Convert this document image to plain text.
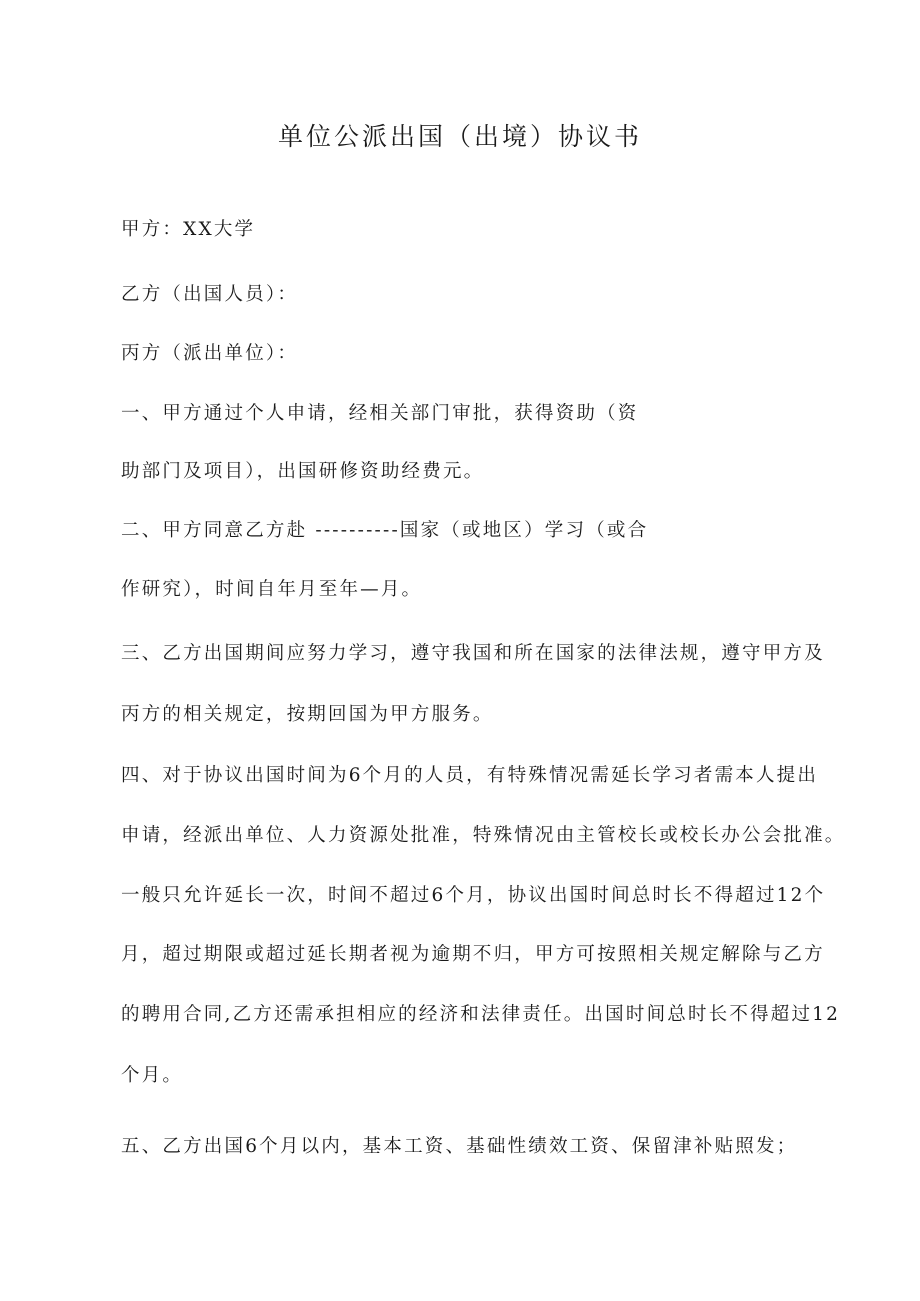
单位公派出国（出境）协议书
甲方：XX大学
乙方（出国人员）：
丙方（派出单位）：
一、甲方通过个人申请，经相关部门审批，获得资助（资
助部门及项目），出国研修资助经费元。
二、甲方同意乙方赴 ----------国家（或地区）学习（或合
作研究），时间自年月至年—月。
三、乙方出国期间应努力学习，遵守我国和所在国家的法律法规，遵守甲方及
丙方的相关规定，按期回国为甲方服务。
四、对于协议出国时间为6个月的人员，有特殊情况需延长学习者需本人提出
申请，经派出单位、人力资源处批准，特殊情况由主管校长或校长办公会批准。
一般只允许延长一次，时间不超过6个月，协议出国时间总时长不得超过12个
月，超过期限或超过延长期者视为逾期不归，甲方可按照相关规定解除与乙方
的聘用合同,乙方还需承担相应的经济和法律责任。出国时间总时长不得超过12
个月。
五、乙方出国6个月以内，基本工资、基础性绩效工资、保留津补贴照发；
